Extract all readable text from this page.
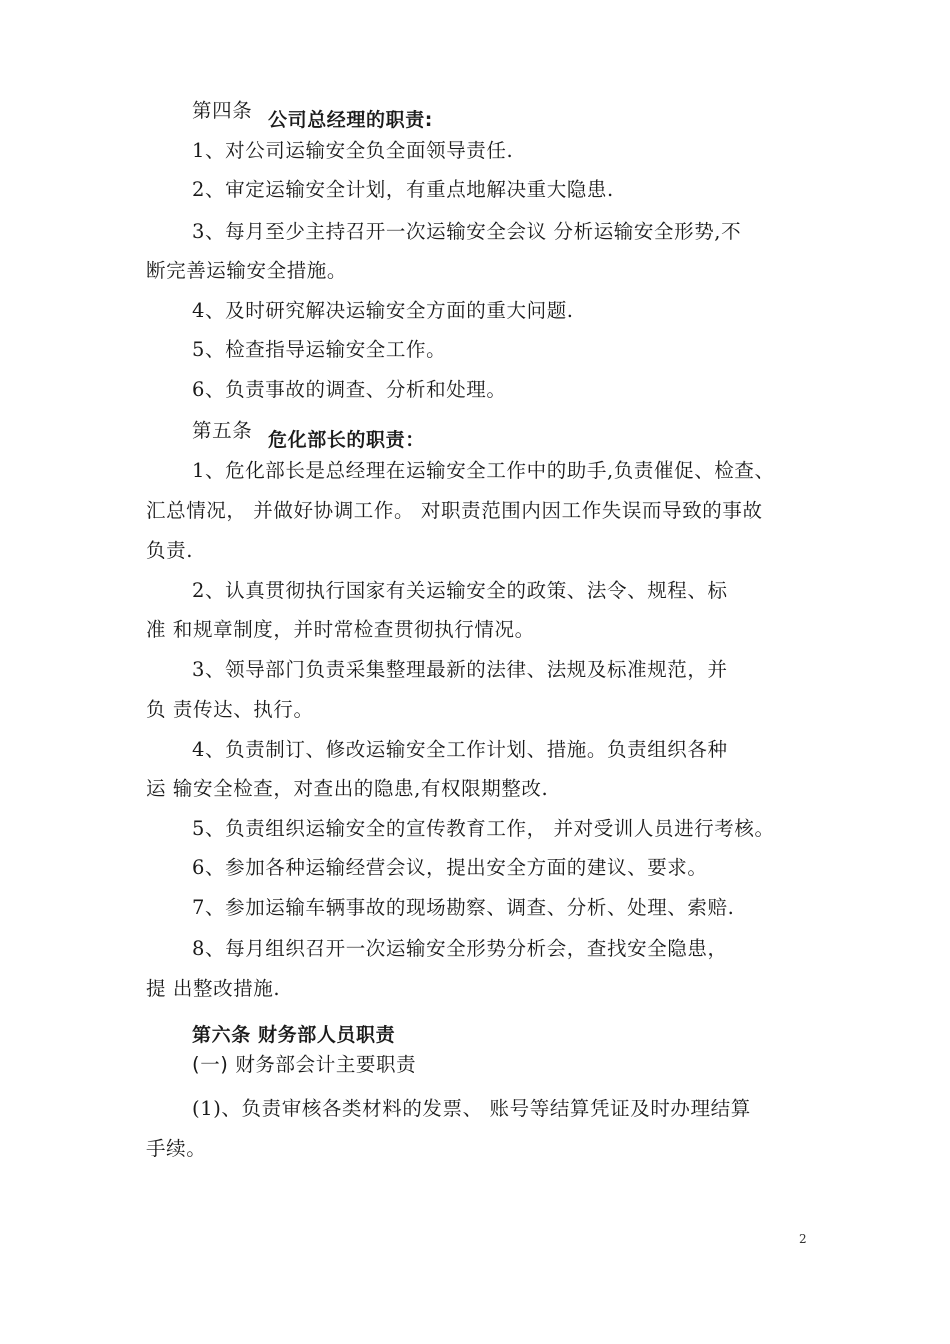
第四条 公司总经理的职责:
1、对公司运输安全负全面领导责任.
2、审定运输安全计划，有重点地解决重大隐患.
3、每月至少主持召开一次运输安全会议 分析运输安全形势,不
断完善运输安全措施。
4、及时研究解决运输安全方面的重大问题.
5、检查指导运输安全工作。
6、负责事故的调查、分析和处理。
第五条 危化部长的职责：
1、危化部长是总经理在运输安全工作中的助手,负责催促、检查、
汇总情况， 并做好协调工作。 对职责范围内因工作失误而导致的事故
负责.
2、认真贯彻执行国家有关运输安全的政策、法令、规程、标
准 和规章制度，并时常检查贯彻执行情况。
3、领导部门负责采集整理最新的法律、法规及标准规范，并
负 责传达、执行。
4、负责制订、修改运输安全工作计划、措施。负责组织各种
运 输安全检查，对查出的隐患,有权限期整改.
5、负责组织运输安全的宣传教育工作， 并对受训人员进行考核。
6、参加各种运输经营会议，提出安全方面的建议、要求。
7、参加运输车辆事故的现场勘察、调查、分析、处理、索赔.
8、每月组织召开一次运输安全形势分析会，查找安全隐患，
提 出整改措施.
第六条 财务部人员职责
(一) 财务部会计主要职责
(1)、负责审核各类材料的发票、 账号等结算凭证及时办理结算
手续。
2
